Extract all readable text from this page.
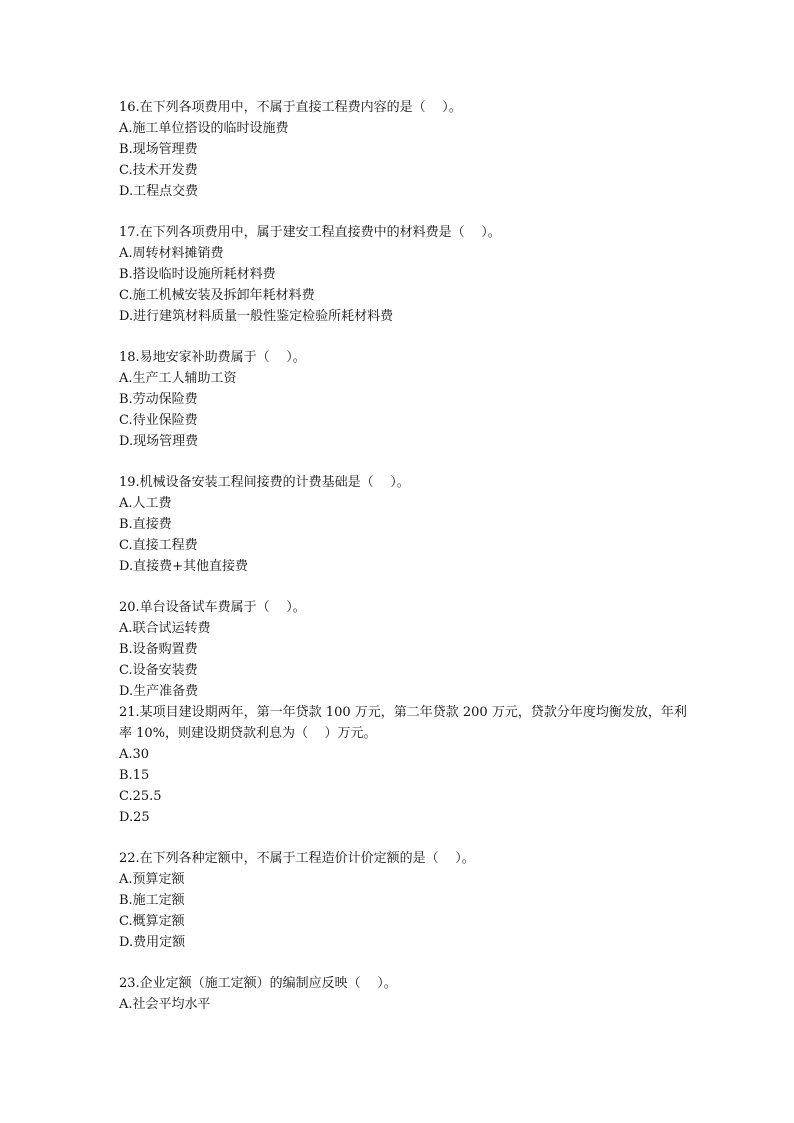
16.在下列各项费用中，不属于直接工程费内容的是（    ）。

A.施工单位搭设的临时设施费

B.现场管理费

C.技术开发费

D.工程点交费

17.在下列各项费用中，属于建安工程直接费中的材料费是（    ）。

A.周转材料摊销费

B.搭设临时设施所耗材料费

C.施工机械安装及拆卸年耗材料费

D.进行建筑材料质量一般性鉴定检验所耗材料费

18.易地安家补助费属于（    ）。

A.生产工人辅助工资

B.劳动保险费

C.待业保险费

D.现场管理费

19.机械设备安装工程间接费的计费基础是（    ）。

A.人工费

B.直接费

C.直接工程费

D.直接费+其他直接费

20.单台设备试车费属于（    ）。

A.联合试运转费

B.设备购置费

C.设备安装费

D.生产准备费

21.某项目建设期两年，第一年贷款 100 万元，第二年贷款 200 万元，贷款分年度均衡发放，年利率 10%，则建设期贷款利息为（    ）万元。

A.30

B.15

C.25.5

D.25

22.在下列各种定额中，不属于工程造价计价定额的是（    ）。

A.预算定额

B.施工定额

C.概算定额

D.费用定额

23.企业定额（施工定额）的编制应反映（    ）。

A.社会平均水平
